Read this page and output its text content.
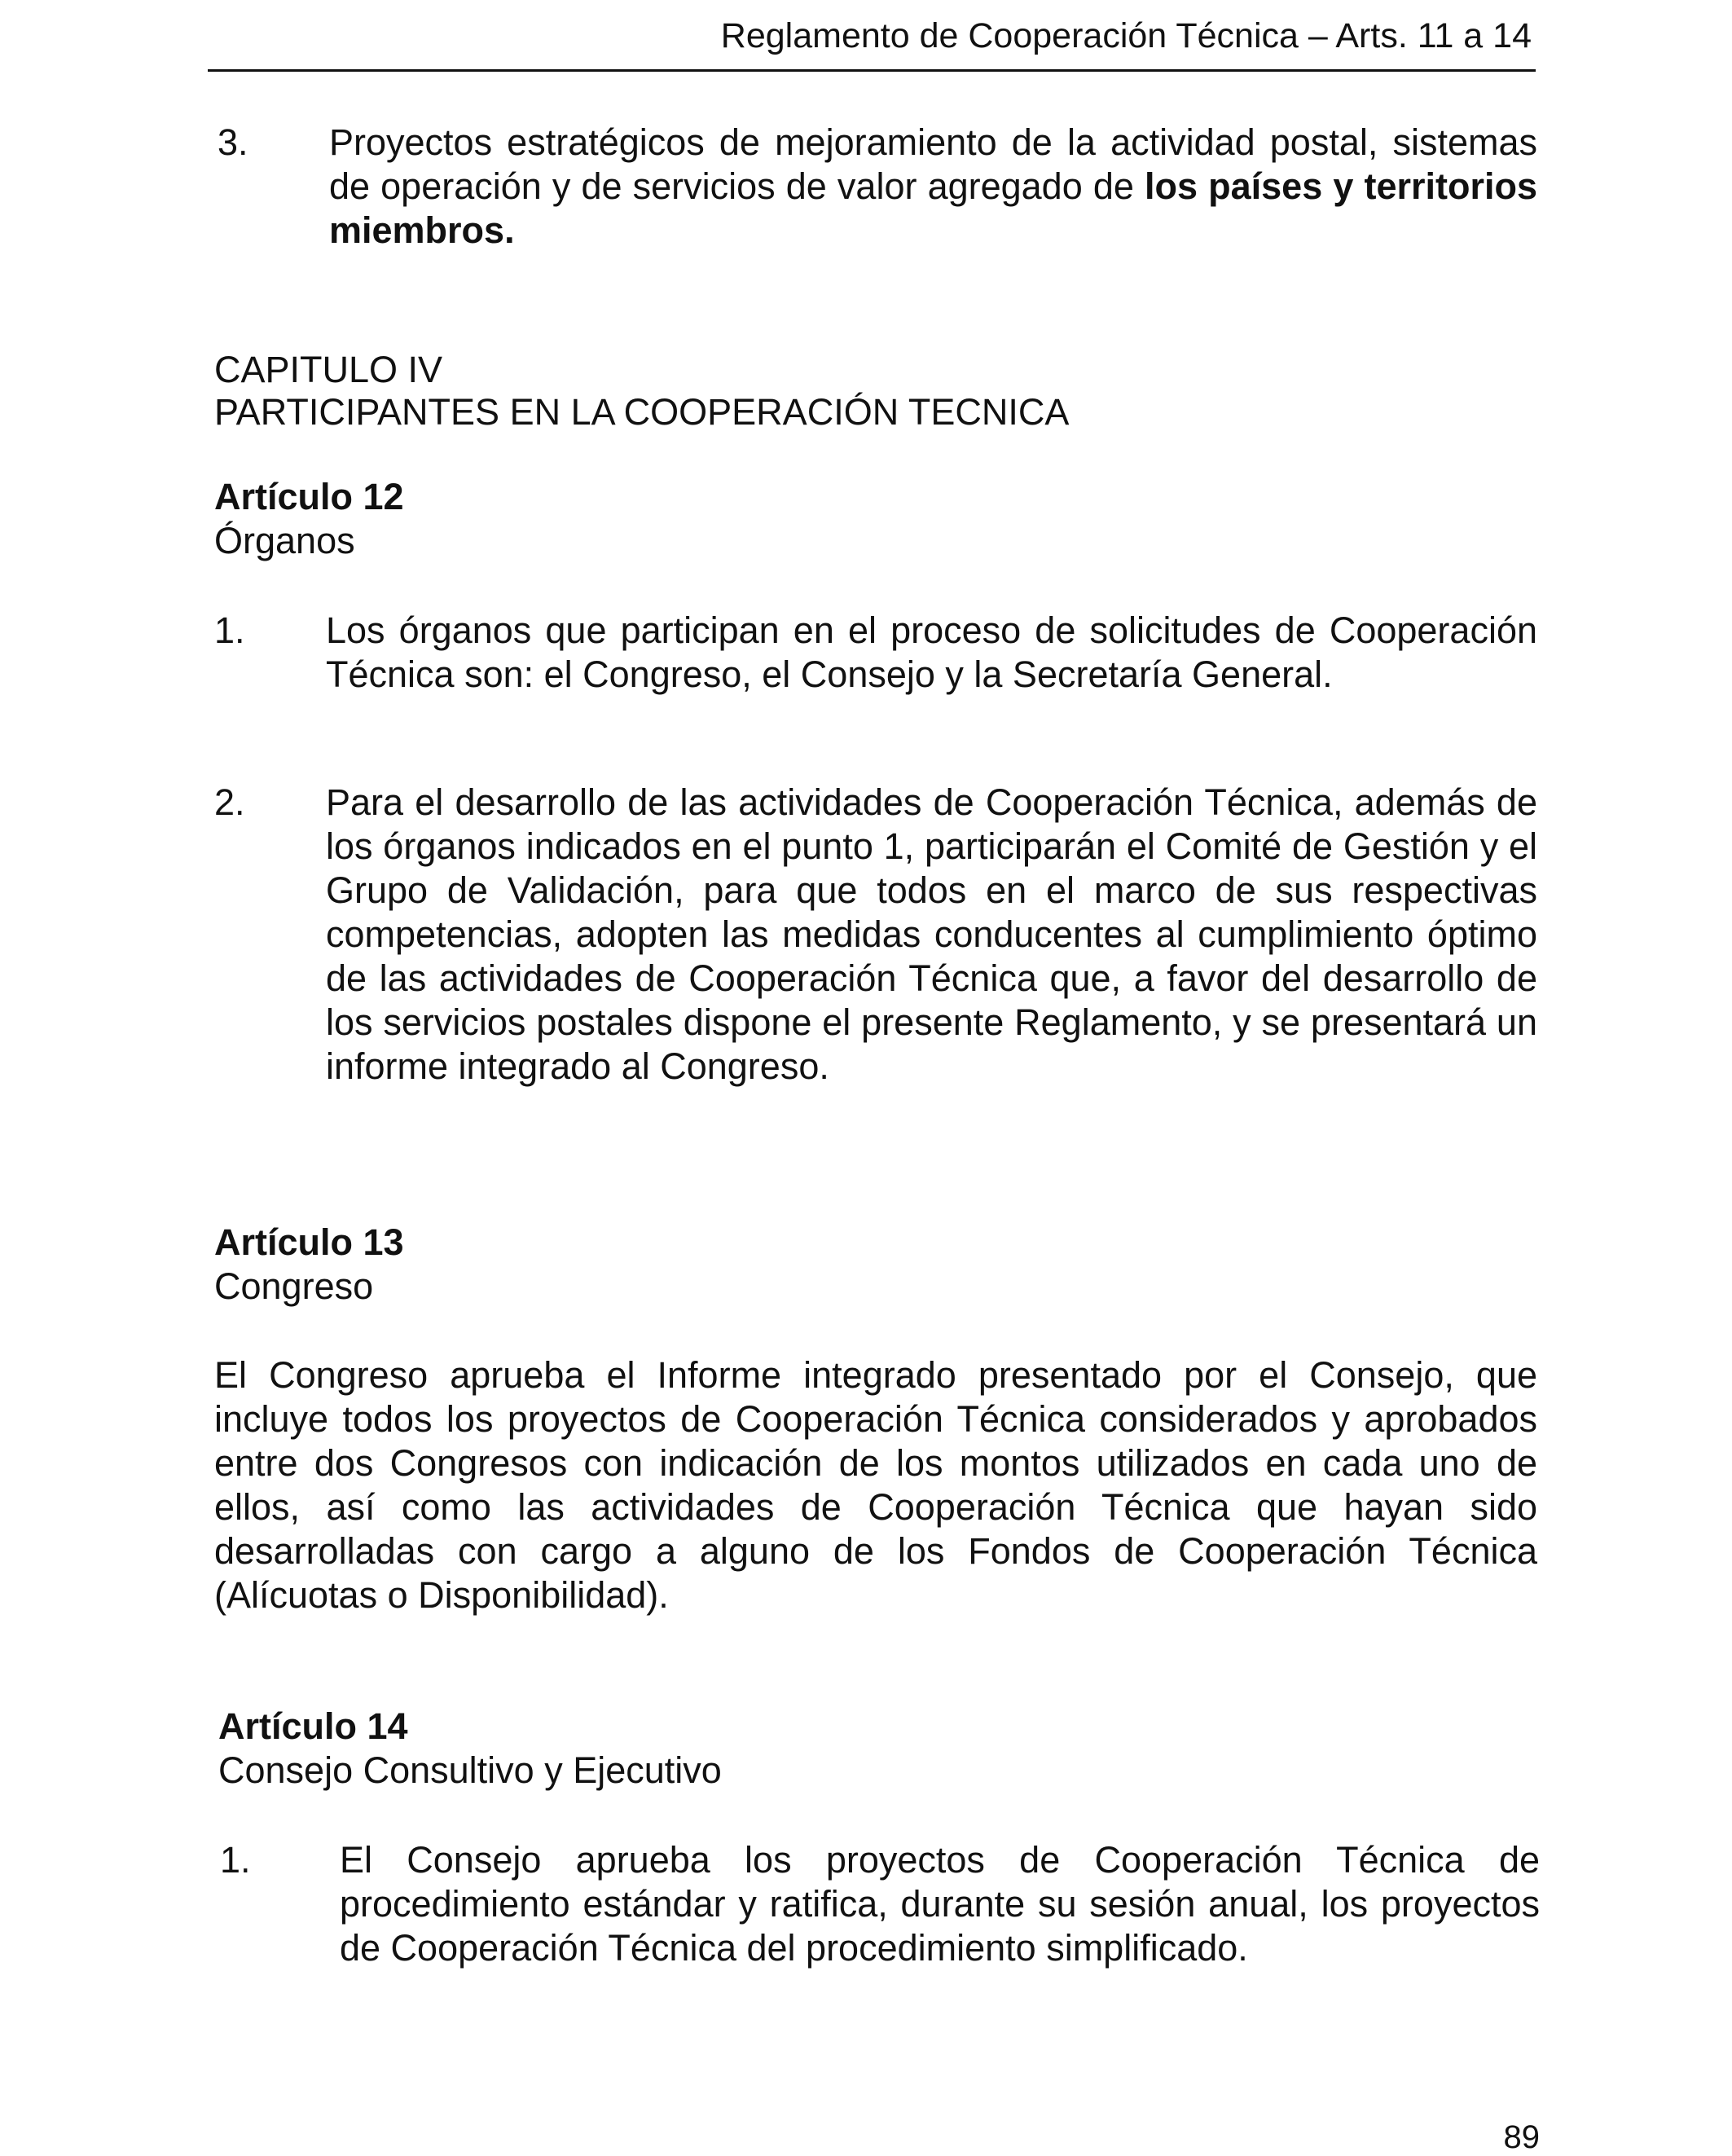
Reglamento de Cooperación Técnica – Arts. 11 a 14
3. Proyectos estratégicos de mejoramiento de la actividad postal, sistemas de operación y de servicios de valor agregado de los países y territorios miembros.
CAPITULO IV
PARTICIPANTES EN LA COOPERACIÓN TECNICA
Artículo 12
Órganos
1. Los órganos que participan en el proceso de solicitudes de Cooperación Técnica son: el Congreso, el Consejo y la Secretaría General.
2. Para el desarrollo de las actividades de Cooperación Técnica, además de los órganos indicados en el punto 1, participarán el Comité de Gestión y el Grupo de Validación, para que todos en el marco de sus respectivas competencias, adopten las medidas conducentes al cumplimiento óptimo de las actividades de Cooperación Técnica que, a favor del desarrollo de los servicios postales dispone el presente Reglamento, y se presentará un informe integrado al Congreso.
Artículo 13
Congreso
El Congreso aprueba el Informe integrado presentado por el Consejo, que incluye todos los proyectos de Cooperación Técnica considerados y aprobados entre dos Congresos con indicación de los montos utilizados en cada uno de ellos, así como las actividades de Cooperación Técnica que hayan sido desarrolladas con cargo a alguno de los Fondos de Cooperación Técnica (Alícuotas o Disponibilidad).
Artículo 14
Consejo Consultivo y Ejecutivo
1. El Consejo aprueba los proyectos de Cooperación Técnica de procedimiento estándar y ratifica, durante su sesión anual, los proyectos de Cooperación Técnica del procedimiento simplificado.
89
